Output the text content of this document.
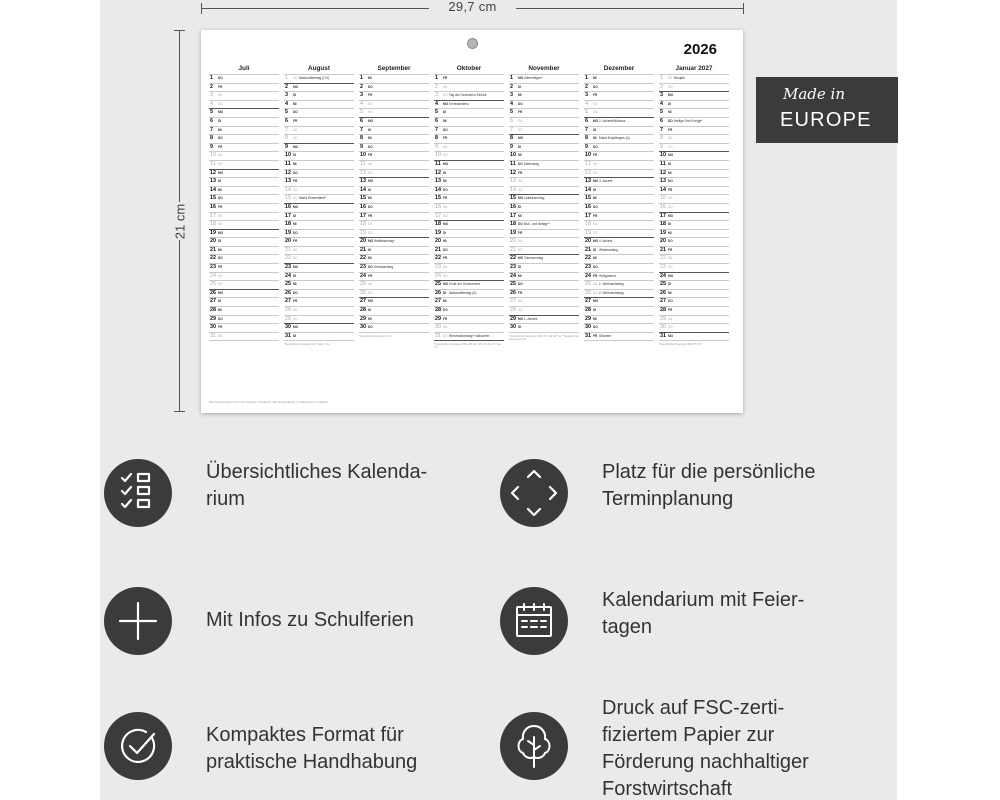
29,7 cm
21 cm
2026
Juli
1 DO
2 FR
3 SA
4 SO
5 MO
6 DI
7 MI
8 DO
9 FR
10 SA
11 SO
12 MO
13 DI
14 MI
15 DO
16 FR
17 SA
18 SO
19 MO
20 DI
21 MI
22 DO
23 FR
24 SA
25 SO
26 MO
27 DI
28 MI
29 DO
30 FR
31 SA
August
1 SO Nationalfeiertag (CH)
2 MO
3 DI
4 MI
5 DO
6 FR
7 SA
8 SO
9 MO
10 DI
11 MI
12 DO
13 FR
14 SA
15 SO Mariä Himmelfahrt*
16 MO
17 DI
18 MI
19 DO
20 FR
21 SA
22 SO
23 MO
24 DI
25 MI
26 DO
27 FR
28 SA
29 SO
30 MO
31 DI
*Gesetzlicher Feiertag in BY (teilw.), SL
September
1 MI
2 DO
3 FR
4 SA
5 SO
6 MO
7 DI
8 MI
9 DO
10 FR
11 SA
12 SO
13 MO
14 DI
15 MI
16 DO
17 FR
18 SA
19 SO
20 MO Weltkindertag*
21 DI
22 MI
23 DO Herbstanfang
24 FR
25 SA
26 SO
27 MO
28 DI
29 MI
30 DO
*Gesetzlicher Feiertag in TH
Oktober
1 FR
2 SA
3 SO Tag der Deutschen Einheit
4 MO Erntedankfest
5 DI
6 MI
7 DO
8 FR
9 SA
10 SO
11 MO
12 DI
13 MI
14 DO
15 FR
16 SA
17 SO
18 MO
19 DI
20 MI
21 DO
22 FR
23 SA
24 SO
25 MO Ende der Sommerzeit
26 DI Nationalfeiertag (A)
27 MI
28 DO
29 FR
30 SA
31 SO Reformationstag* Halloween
*Gesetzlicher Feiertag in BB, HB, HH, MV, NI, SN, ST, SH, TH
November
1 MO Allerheiligen*
2 DI
3 MI
4 DO
5 FR
6 SA
7 SO
8 MO
9 DI
10 MI
11 DO Martinstag
12 FR
13 SA
14 SO
15 MO Volkstrauertag
16 DI
17 MI
18 DO Buß- und Bettag**
19 FR
20 SA
21 SO
22 MO Totensonntag
23 DI
24 MI
25 DO
26 FR
27 SA
28 SO
29 MO 1. Advent
30 DI
*Gesetzlicher Feiertag in BW, BY, NW, RP, SL **Gesetzlicher Feiertag in SN
Dezember
1 MI
2 DO
3 FR
4 SA
5 SO
6 MO 2. Advent/Nikolaus
7 DI
8 MI Mariä Empfängnis (A)
9 DO
10 FR
11 SA
12 SO
13 MO 3. Advent
14 DI
15 MI
16 DO
17 FR
18 SA
19 SO
20 MO 4. Advent
21 DI Winteranfang
22 MI
23 DO
24 FR Heiligabend
25 SA 1. Weihnachtstag
26 SO 2. Weihnachtstag
27 MO
28 DI
29 MI
30 DO
31 FR Silvester
Januar 2027
1 SA Neujahr
2 SO
3 MO
4 DI
5 MI
6 DO Heilige Drei Könige*
7 FR
8 SA
9 SO
10 MO
11 DI
12 MI
13 DO
14 FR
15 SA
16 SO
17 MO
18 DI
19 MI
20 DO
21 FR
22 SA
23 SO
24 MO
25 DI
26 MI
27 DO
28 FR
29 SA
30 SO
31 MO
*Gesetzlicher Feiertag in BW, BY, ST
Alle Kalenderdaten sind ohne Gewähr. Schulferien aller Bundesländer im Kalendarium enthalten.
Made in
EUROPE
Übersichtliches Kalenda-
rium
Platz für die persönliche
Terminplanung
Mit Infos zu Schulferien
Kalendarium mit Feier-
tagen
Kompaktes Format für
praktische Handhabung
Druck auf FSC-zerti-
fiziertem Papier zur
Förderung nachhaltiger
Forstwirtschaft
